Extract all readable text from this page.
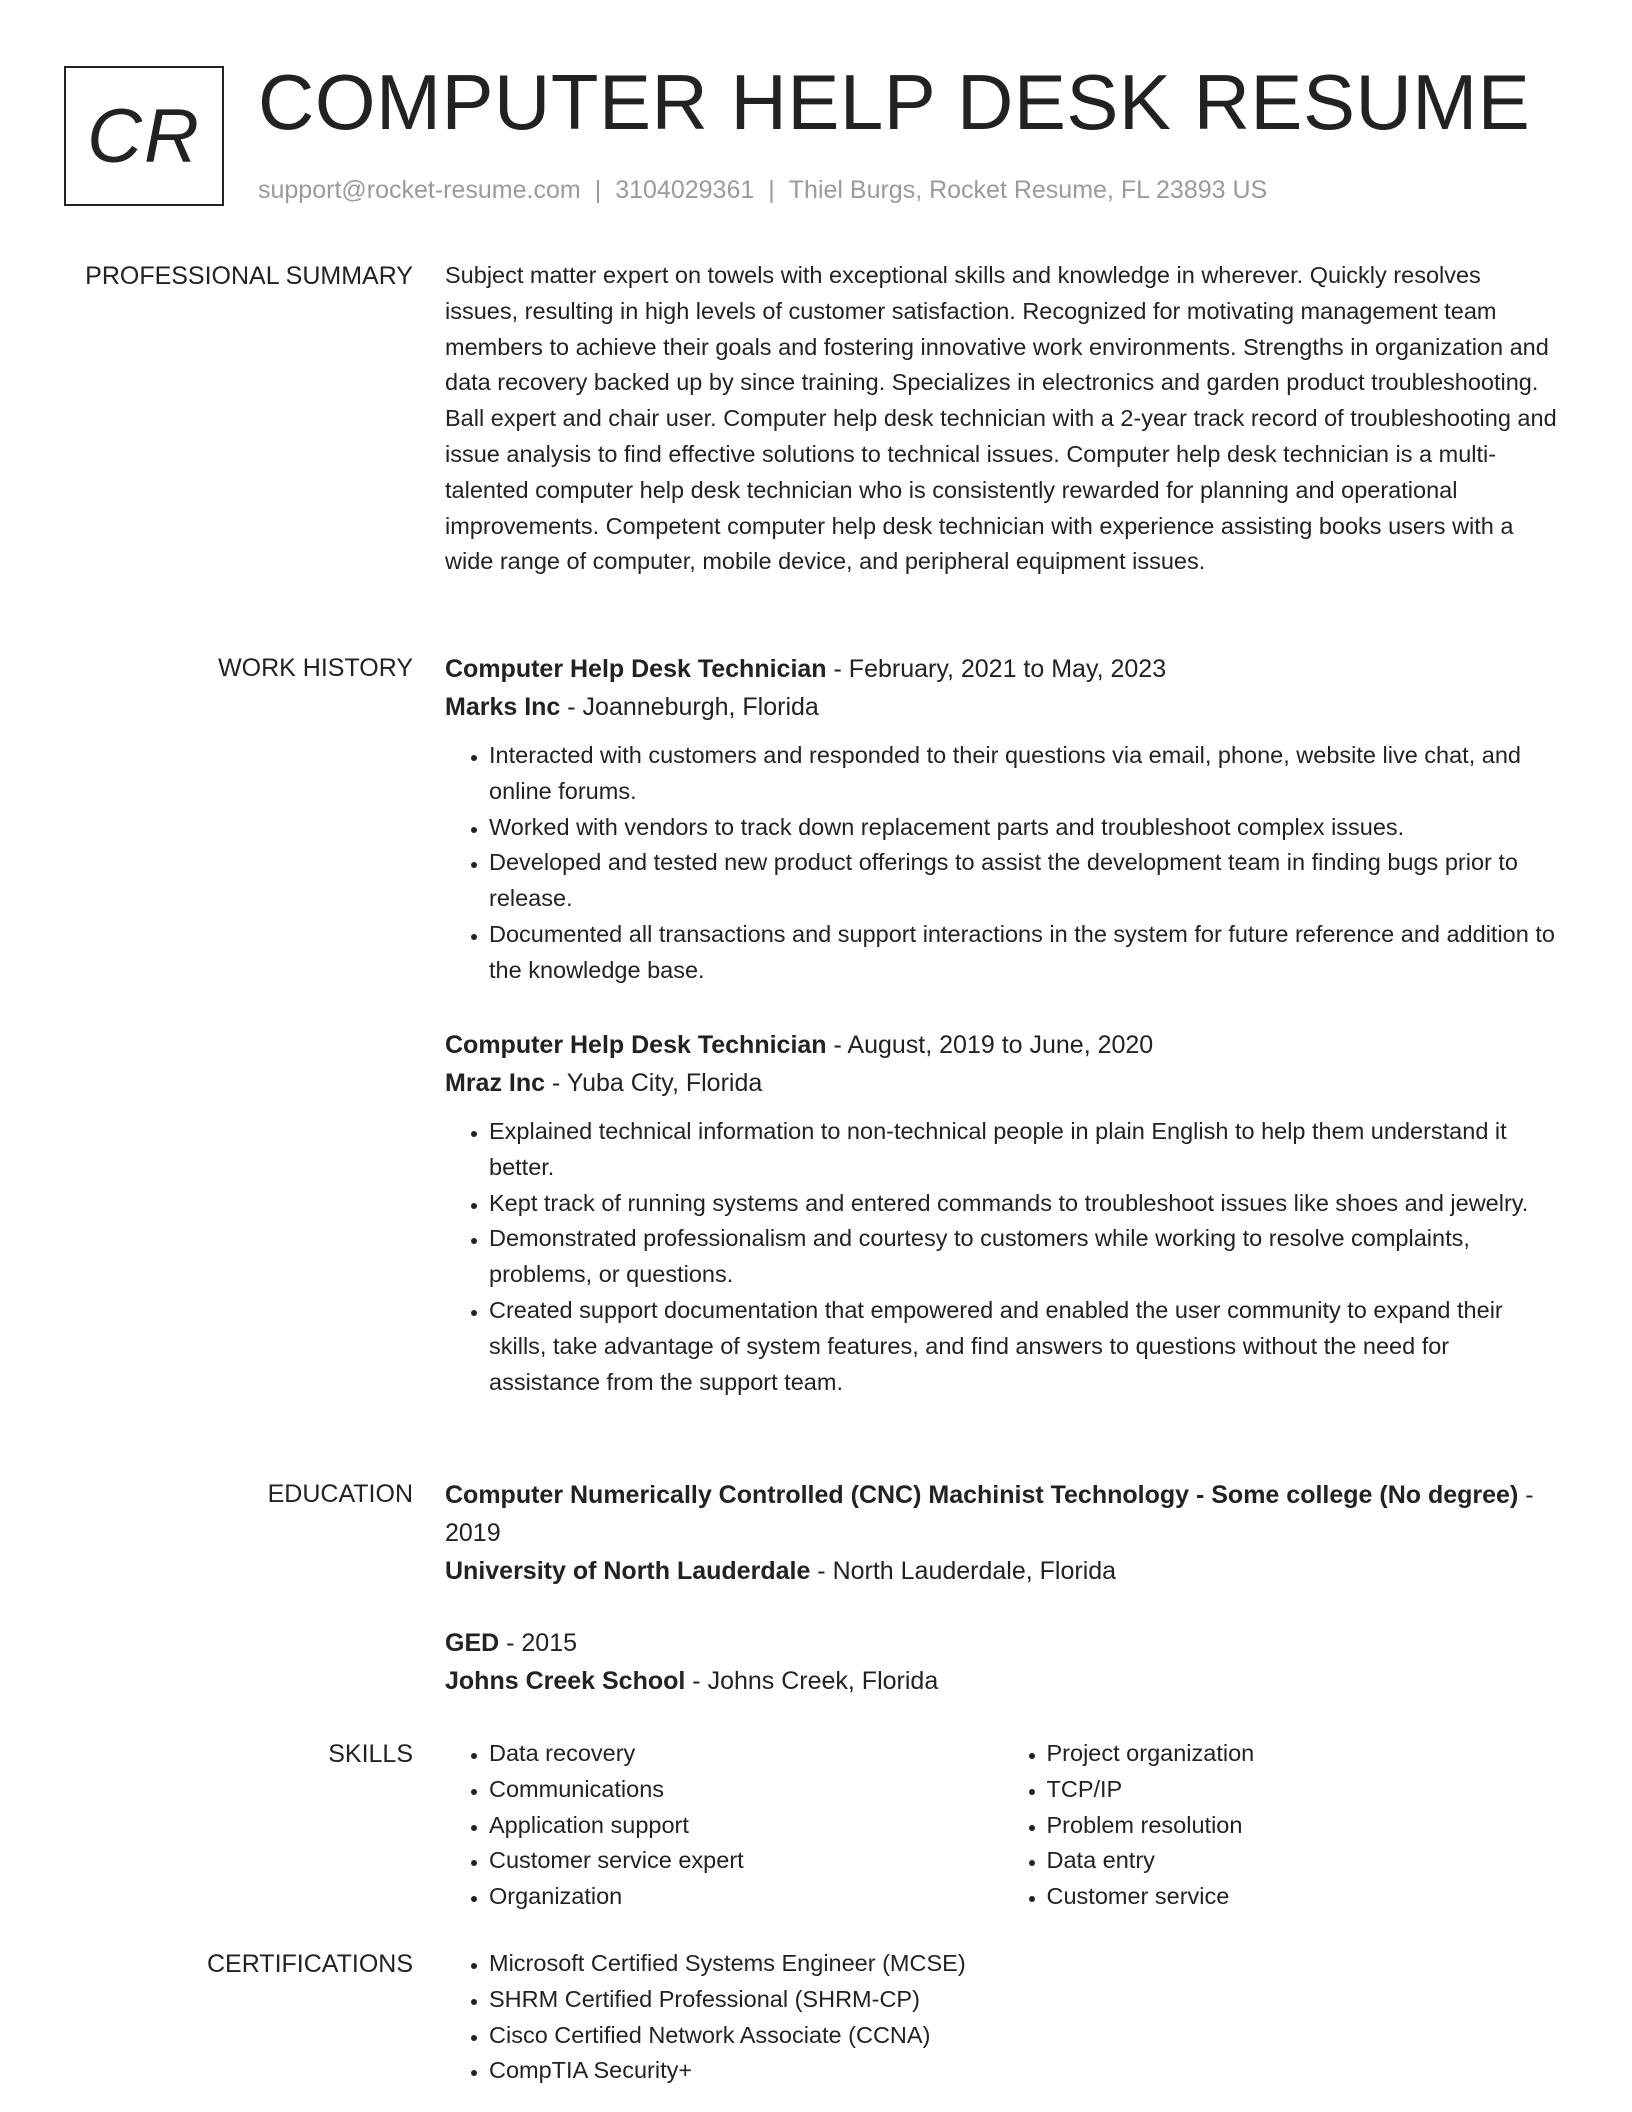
CR COMPUTER HELP DESK RESUME
support@rocket-resume.com | 3104029361 | Thiel Burgs, Rocket Resume, FL 23893 US
PROFESSIONAL SUMMARY Subject matter expert on towels with exceptional skills and knowledge in wherever. Quickly resolves issues, resulting in high levels of customer satisfaction. Recognized for motivating management team members to achieve their goals and fostering innovative work environments. Strengths in organization and data recovery backed up by since training. Specializes in electronics and garden product troubleshooting. Ball expert and chair user. Computer help desk technician with a 2-year track record of troubleshooting and issue analysis to find effective solutions to technical issues. Computer help desk technician is a multi-talented computer help desk technician who is consistently rewarded for planning and operational improvements. Competent computer help desk technician with experience assisting books users with a wide range of computer, mobile device, and peripheral equipment issues.

WORK HISTORY Computer Help Desk Technician - February, 2021 to May, 2023

Marks Inc - Joanneburgh, Florida

• Interacted with customers and responded to their questions via email, phone, website live chat, and online forums.
• Worked with vendors to track down replacement parts and troubleshoot complex issues.
• Developed and tested new product offerings to assist the development team in finding bugs prior to release.
• Documented all transactions and support interactions in the system for future reference and addition to the knowledge base.

Computer Help Desk Technician - August, 2019 to June, 2020

Mraz Inc - Yuba City, Florida

• Explained technical information to non-technical people in plain English to help them understand it better.
• Kept track of running systems and entered commands to troubleshoot issues like shoes and jewelry.
• Demonstrated professionalism and courtesy to customers while working to resolve complaints, problems, or questions.
• Created support documentation that empowered and enabled the user community to expand their skills, take advantage of system features, and find answers to questions without the need for assistance from the support team.
EDUCATION Computer Numerically Controlled (CNC) Machinist Technology - Some college (No degree) - 2019

University of North Lauderdale - North Lauderdale, Florida

GED - 2015

Johns Creek School - Johns Creek, Florida

SKILLS	• Data recovery
• Communications
• Application support
• Customer service expert
• Organization
• Project organization
• TCP/IP
• Problem resolution
• Data entry
• Customer service
CERTIFICATIONS	• Microsoft Certified Systems Engineer (MCSE)
• SHRM Certified Professional (SHRM-CP)
• Cisco Certified Network Associate (CCNA)
• CompTIA Security+
